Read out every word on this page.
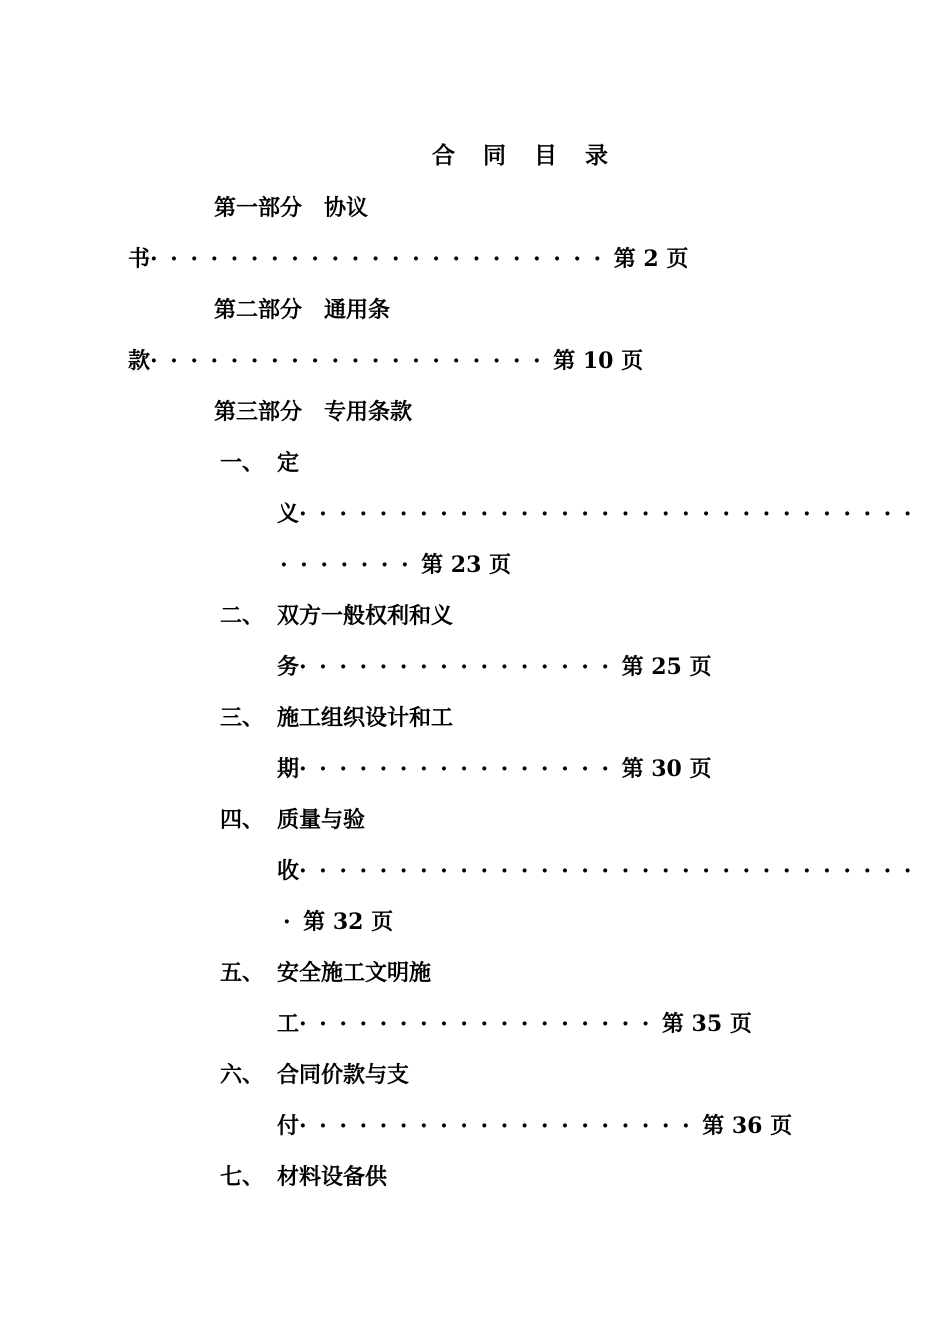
合 同 目 录
第一部分　协议
书·······················第 2 页
第二部分　通用条
款····················第 10 页
第三部分　专用条款
一、 定
义·······························
·······第 23 页
二、 双方一般权利和义
务················第 25 页
三、 施工组织设计和工
期················第 30 页
四、 质量与验
收·······························
·第 32 页
五、 安全施工文明施
工··················第 35 页
六、 合同价款与支
付····················第 36 页
七、 材料设备供
